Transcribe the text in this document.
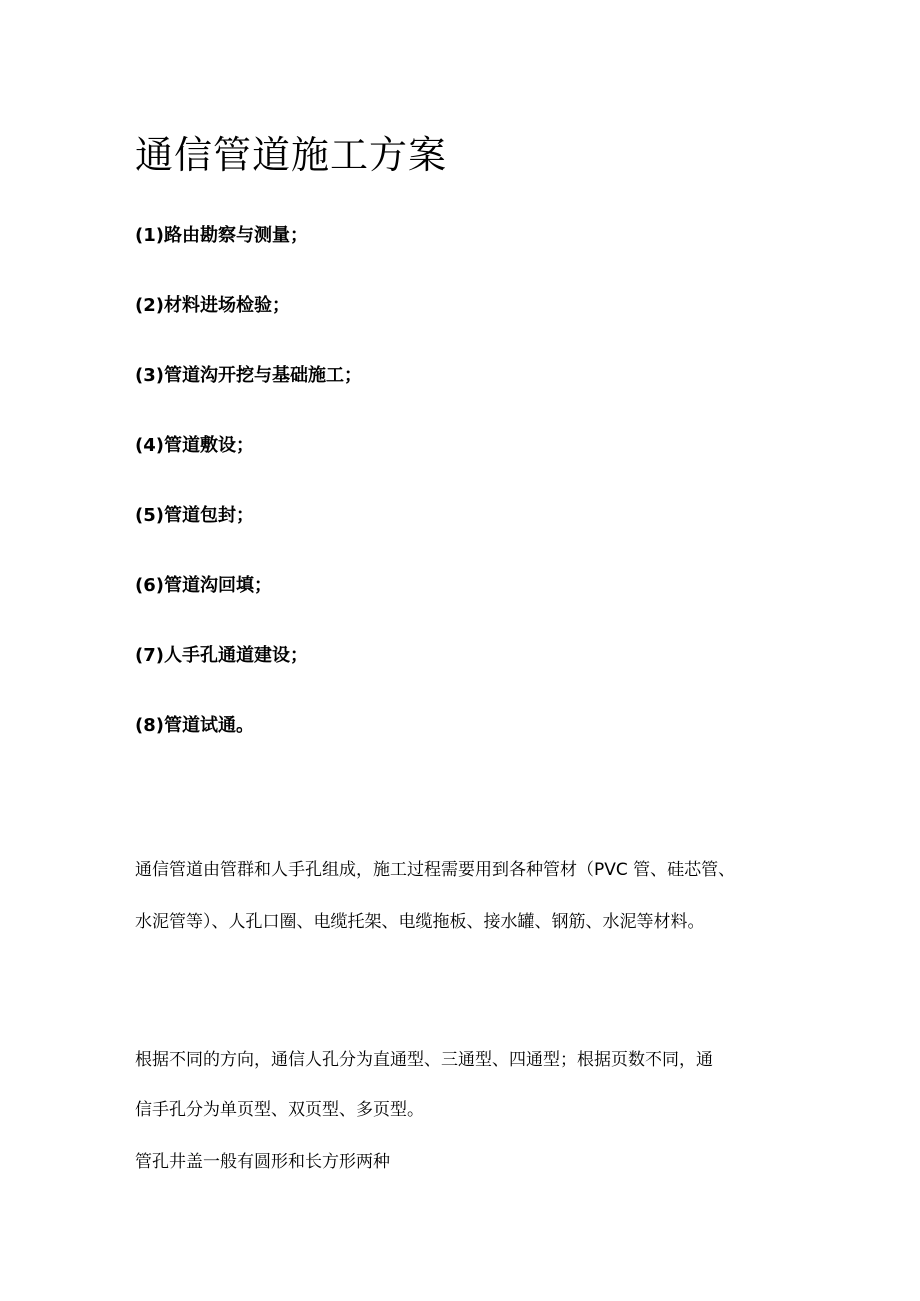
通信管道施工方案
(1)路由勘察与测量；
(2)材料进场检验；
(3)管道沟开挖与基础施工；
(4)管道敷设；
(5)管道包封；
(6)管道沟回填；
(7)人手孔通道建设；
(8)管道试通。

通信管道由管群和人手孔组成，施工过程需要用到各种管材（PVC 管、硅芯管、
水泥管等）、人孔口圈、电缆托架、电缆拖板、接水罐、钢筋、水泥等材料。

根据不同的方向，通信人孔分为直通型、三通型、四通型；根据页数不同，通
信手孔分为单页型、双页型、多页型。

管孔井盖一般有圆形和长方形两种
